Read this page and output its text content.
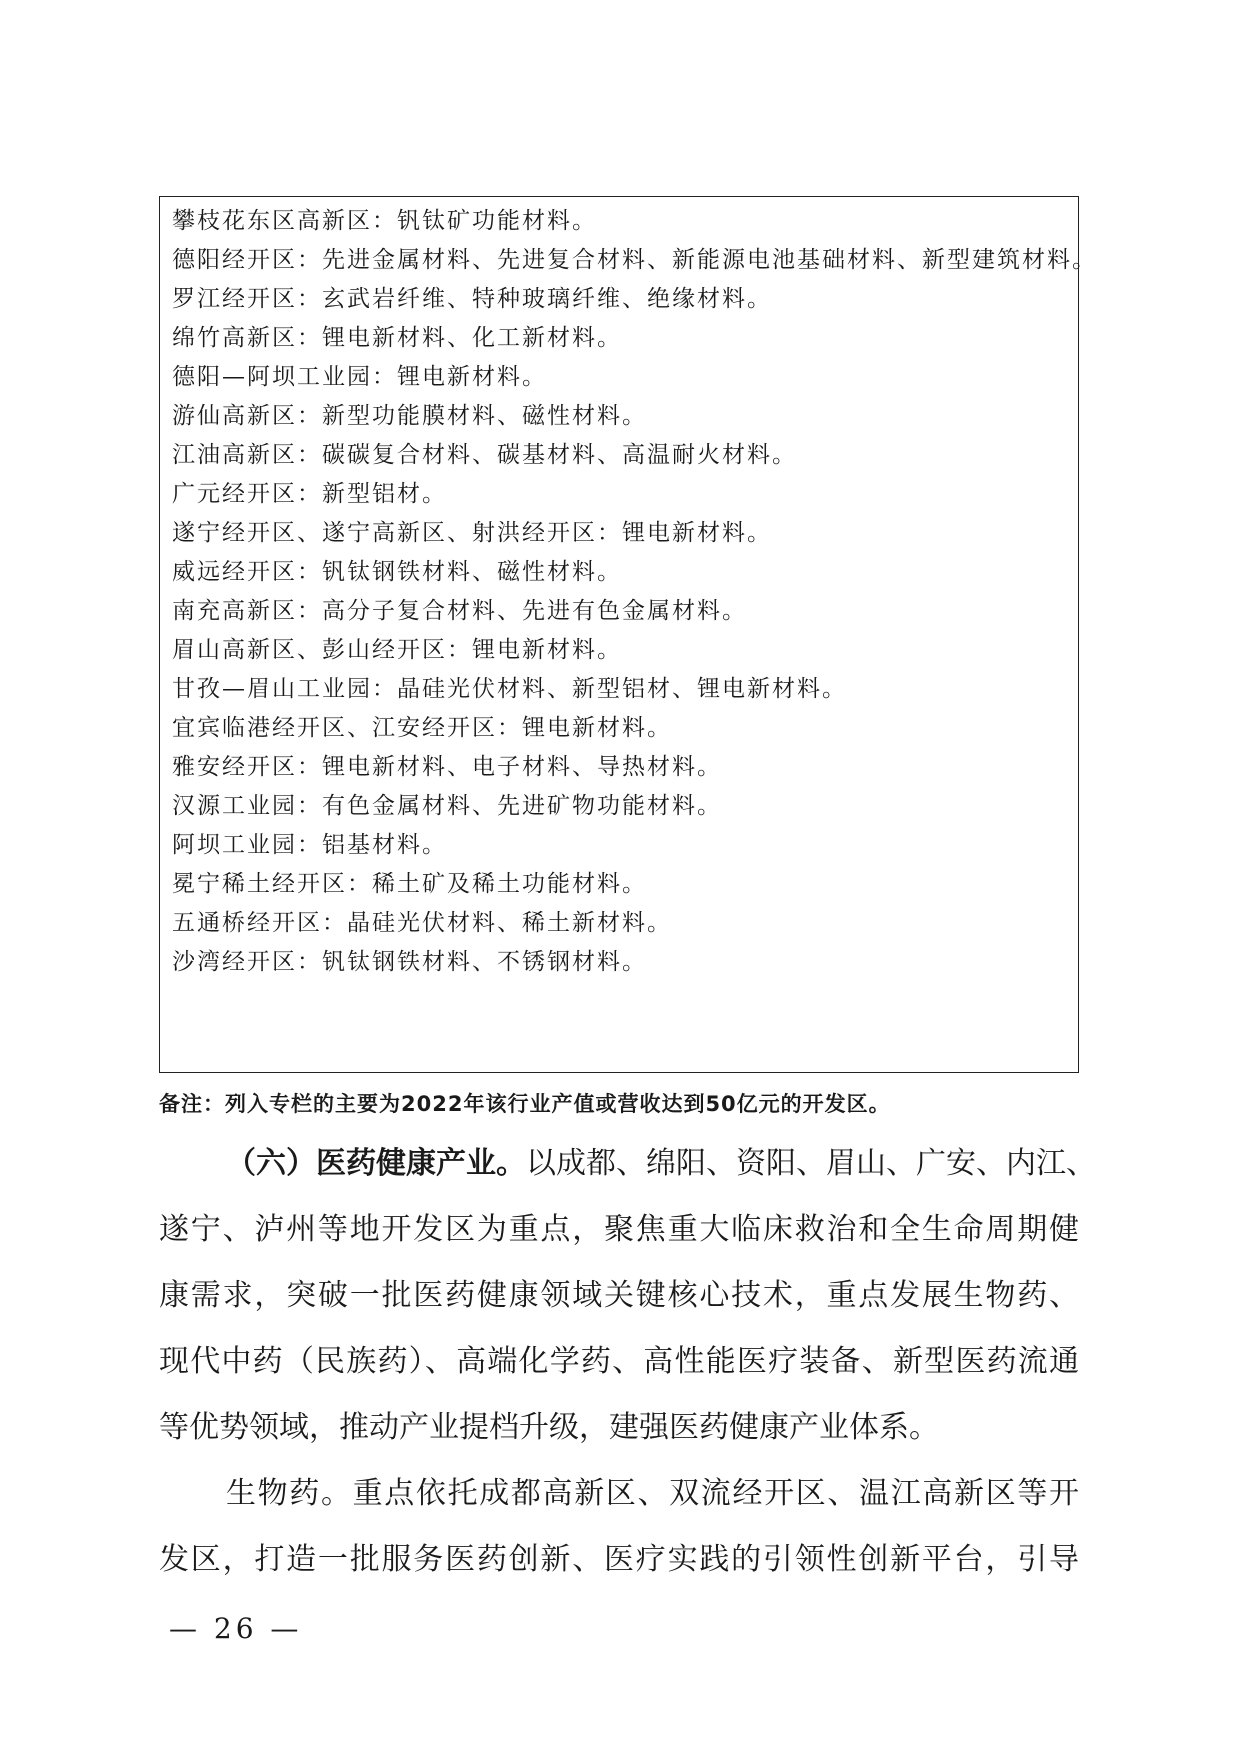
攀枝花东区高新区：钒钛矿功能材料。
德阳经开区：先进金属材料、先进复合材料、新能源电池基础材料、新型建筑材料。
罗江经开区：玄武岩纤维、特种玻璃纤维、绝缘材料。
绵竹高新区：锂电新材料、化工新材料。
德阳—阿坝工业园：锂电新材料。
游仙高新区：新型功能膜材料、磁性材料。
江油高新区：碳碳复合材料、碳基材料、高温耐火材料。
广元经开区：新型铝材。
遂宁经开区、遂宁高新区、射洪经开区：锂电新材料。
威远经开区：钒钛钢铁材料、磁性材料。
南充高新区：高分子复合材料、先进有色金属材料。
眉山高新区、彭山经开区：锂电新材料。
甘孜—眉山工业园：晶硅光伏材料、新型铝材、锂电新材料。
宜宾临港经开区、江安经开区：锂电新材料。
雅安经开区：锂电新材料、电子材料、导热材料。
汉源工业园：有色金属材料、先进矿物功能材料。
阿坝工业园：铝基材料。
冕宁稀土经开区：稀土矿及稀土功能材料。
五通桥经开区：晶硅光伏材料、稀土新材料。
沙湾经开区：钒钛钢铁材料、不锈钢材料。
备注：列入专栏的主要为2022年该行业产值或营收达到50亿元的开发区。
（六）医药健康产业。以成都、绵阳、资阳、眉山、广安、内江、
遂宁、泸州等地开发区为重点，聚焦重大临床救治和全生命周期健
康需求，突破一批医药健康领域关键核心技术，重点发展生物药、
现代中药（民族药）、高端化学药、高性能医疗装备、新型医药流通
等优势领域，推动产业提档升级，建强医药健康产业体系。
生物药。重点依托成都高新区、双流经开区、温江高新区等开
发区，打造一批服务医药创新、医疗实践的引领性创新平台，引导
— 26 —
